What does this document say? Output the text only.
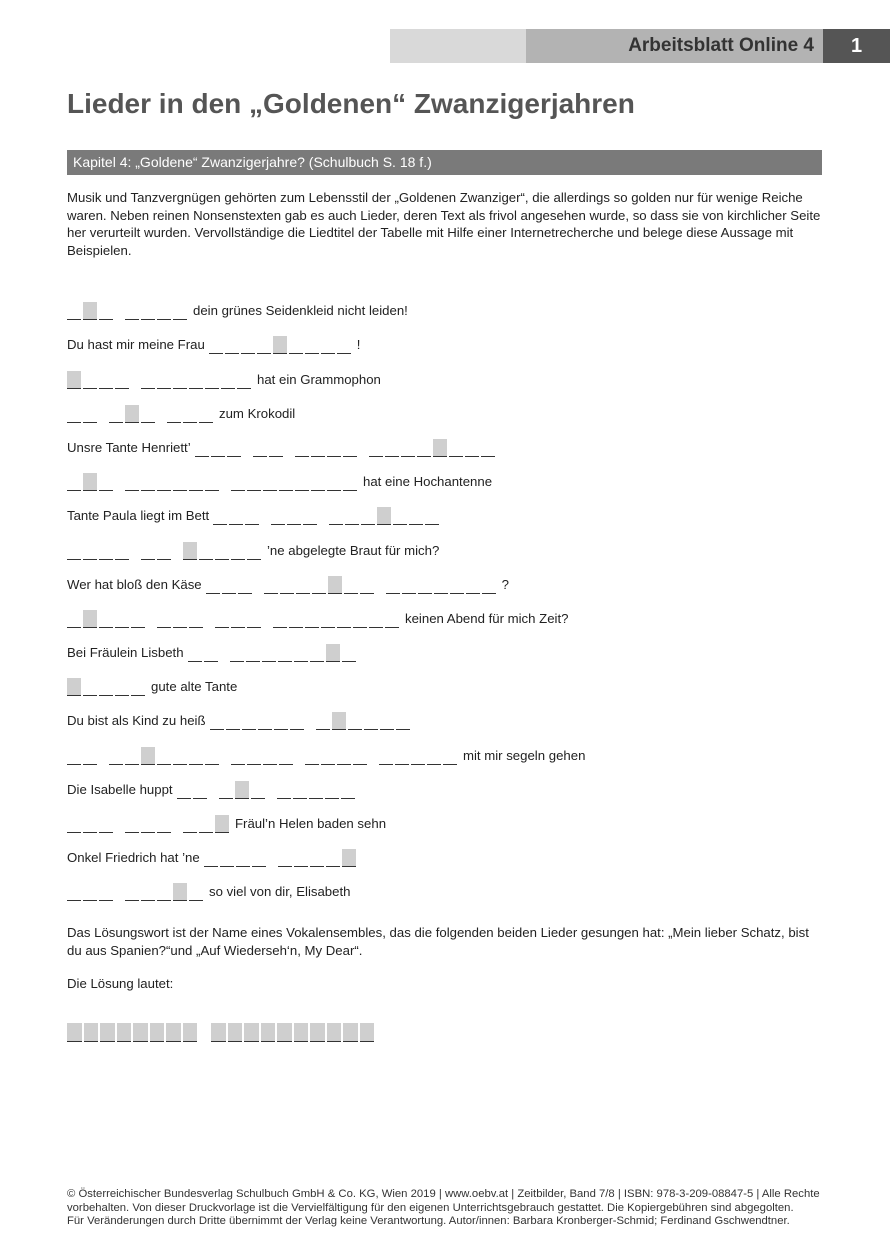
Arbeitsblatt Online 4	1
Lieder in den „Goldenen“ Zwanzigerjahren
Kapitel 4: „Goldene“ Zwanzigerjahre? (Schulbuch S. 18 f.)

Musik und Tanzvergnügen gehörten zum Lebensstil der „Goldenen Zwanziger“, die allerdings so golden nur für wenige Reiche waren. Neben reinen Nonsenstexten gab es auch Lieder, deren Text als frivol angesehen wurde, so dass sie von kirchlicher Seite her verurteilt wurden. Vervollständige die Liedtitel der Tabelle mit Hilfe einer Internetrecherche und belege diese Aussage mit Beispielen.

dein grünes Seidenkleid nicht leiden!
Du hast mir meine Frau	!
hat ein Grammophon
zum Krokodil
Unsre Tante Henriett’
hat eine Hochantenne
Tante Paula liegt im Bett
’ne abgelegte Braut für mich?
Wer hat bloß den Käse	?
keinen Abend für mich Zeit?
Bei Fräulein Lisbeth
gute alte Tante
Du bist als Kind zu heiß
mit mir segeln gehen
Die Isabelle huppt
Fräul’n Helen baden sehn
Onkel Friedrich hat ’ne
so viel von dir, Elisabeth

Das Lösungswort ist der Name eines Vokalensembles, das die folgenden beiden Lieder gesungen hat: „Mein lieber Schatz, bist du aus Spanien?“und „Auf Wiederseh‘n, My Dear“.

Die Lösung lautet:

© Österreichischer Bundesverlag Schulbuch GmbH & Co. KG, Wien 2019 | www.oebv.at | Zeitbilder, Band 7/8 | ISBN: 978-3-209-08847-5 | Alle Rechte
vorbehalten. Von dieser Druckvorlage ist die Vervielfältigung für den eigenen Unterrichtsgebrauch gestattet. Die Kopiergebühren sind abgegolten.
Für Veränderungen durch Dritte übernimmt der Verlag keine Verantwortung. Autor/innen: Barbara Kronberger-Schmid; Ferdinand Gschwendtner.
